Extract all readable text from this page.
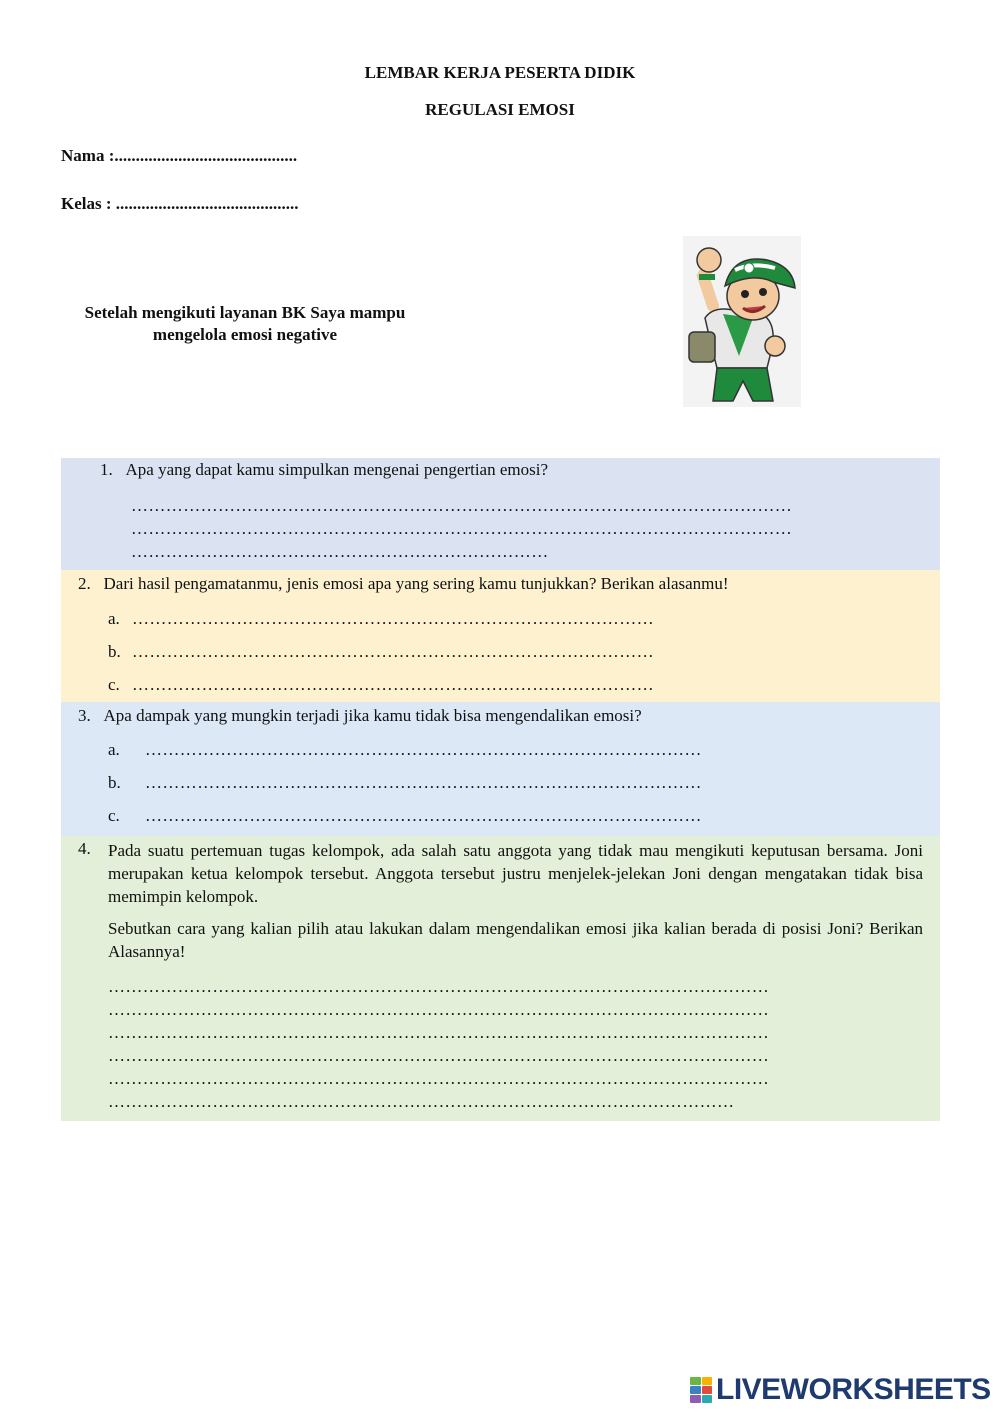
LEMBAR KERJA PESERTA DIDIK
REGULASI EMOSI
Nama :...........................................
Kelas : ...........................................
Setelah mengikuti layanan BK Saya mampu mengelola emosi negative
1. Apa yang dapat kamu simpulkan mengenai pengertian emosi?
……………………………………………………………………………………………………
……………………………………………………………………………………………………
………………………………………………………………
2. Dari hasil pengamatanmu, jenis emosi apa yang sering kamu tunjukkan? Berikan alasanmu!
a. ………………………………………………………………………………
b. ………………………………………………………………………………
c. ………………………………………………………………………………
3. Apa dampak yang mungkin terjadi jika kamu tidak bisa mengendalikan emosi?
a. ……………………………………………………………………………………
b. ……………………………………………………………………………………
c. ……………………………………………………………………………………
4. Pada suatu pertemuan tugas kelompok, ada salah satu anggota yang tidak mau mengikuti keputusan bersama. Joni merupakan ketua kelompok tersebut. Anggota tersebut justru menjelek-jelekan Joni dengan mengatakan tidak bisa memimpin kelompok.
Sebutkan cara yang kalian pilih atau lakukan dalam mengendalikan emosi jika kalian berada di posisi Joni? Berikan Alasannya!
……………………………………………………………………………………………………
……………………………………………………………………………………………………
……………………………………………………………………………………………………
……………………………………………………………………………………………………
……………………………………………………………………………………………………
………………………………………………………………………………………………
LIVEWORKSHEETS
